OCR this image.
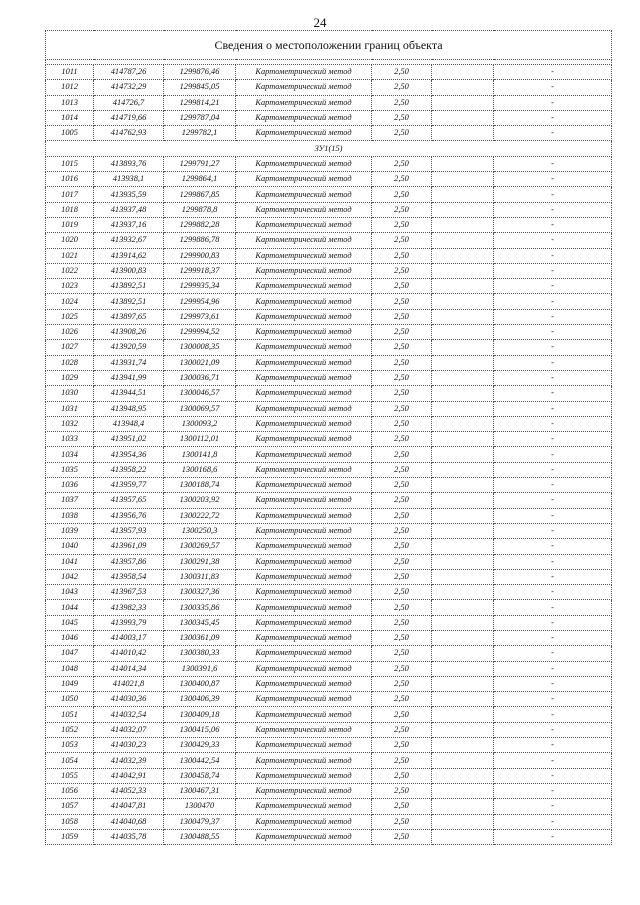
24
Сведения о местоположении границ объекта						

1011	414787,26	1299876,46	Картометрический метод	2,50		-
1012	414732,29	1299845,05	Картометрический метод	2,50		-
1013	414726,7	1299814,21	Картометрический метод	2,50		-
1014	414719,66	1299787,04	Картометрический метод	2,50		-
1005	414762,93	1299782,1	Картометрический метод	2,50		-
ЗУ1(15)						
1015	413893,76	1299791,27	Картометрический метод	2,50		-
1016	413938,1	1299864,1	Картометрический метод	2,50		-
1017	413935,59	1299867,85	Картометрический метод	2,50		-
1018	413937,48	1299878,8	Картометрический метод	2,50		-
1019	413937,16	1299882,28	Картометрический метод	2,50		-
1020	413932,67	1299886,78	Картометрический метод	2,50		-
1021	413914,62	1299900,83	Картометрический метод	2,50		-
1022	413900,83	1299918,37	Картометрический метод	2,50		-
1023	413892,51	1299935,34	Картометрический метод	2,50		-
1024	413892,51	1299954,96	Картометрический метод	2,50		-
1025	413897,65	1299973,61	Картометрический метод	2,50		-
1026	413908,26	1299994,52	Картометрический метод	2,50		-
1027	413920,59	1300008,35	Картометрический метод	2,50		-
1028	413931,74	1300021,09	Картометрический метод	2,50		-
1029	413941,99	1300036,71	Картометрический метод	2,50		-
1030	413944,51	1300046,57	Картометрический метод	2,50		-
1031	413948,95	1300069,57	Картометрический метод	2,50		-
1032	413948,4	1300093,2	Картометрический метод	2,50		-
1033	413951,02	1300112,01	Картометрический метод	2,50		-
1034	413954,36	1300141,8	Картометрический метод	2,50		-
1035	413958,22	1300168,6	Картометрический метод	2,50		-
1036	413959,77	1300188,74	Картометрический метод	2,50		-
1037	413957,65	1300203,92	Картометрический метод	2,50		-
1038	413956,76	1300222,72	Картометрический метод	2,50		-
1039	413957,93	1300250,3	Картометрический метод	2,50		-
1040	413961,09	1300269,57	Картометрический метод	2,50		-
1041	413957,86	1300291,38	Картометрический метод	2,50		-
1042	413958,54	1300311,83	Картометрический метод	2,50		-
1043	413967,53	1300327,36	Картометрический метод	2,50		-
1044	413982,33	1300335,86	Картометрический метод	2,50		-
1045	413993,79	1300345,45	Картометрический метод	2,50		-
1046	414003,17	1300361,09	Картометрический метод	2,50		-
1047	414010,42	1300380,33	Картометрический метод	2,50		-
1048	414014,34	1300391,6	Картометрический метод	2,50		-
1049	414021,8	1300400,87	Картометрический метод	2,50		-
1050	414030,36	1300406,39	Картометрический метод	2,50		-
1051	414032,54	1300409,18	Картометрический метод	2,50		-
1052	414032,07	1300415,06	Картометрический метод	2,50		-
1053	414030,23	1300429,33	Картометрический метод	2,50		-
1054	414032,39	1300442,54	Картометрический метод	2,50		-
1055	414042,91	1300458,74	Картометрический метод	2,50		-
1056	414052,33	1300467,31	Картометрический метод	2,50		-
1057	414047,81	1300470	Картометрический метод	2,50		-
1058	414040,68	1300479,37	Картометрический метод	2,50		-
1059	414035,78	1300488,55	Картометрический метод	2,50		-
